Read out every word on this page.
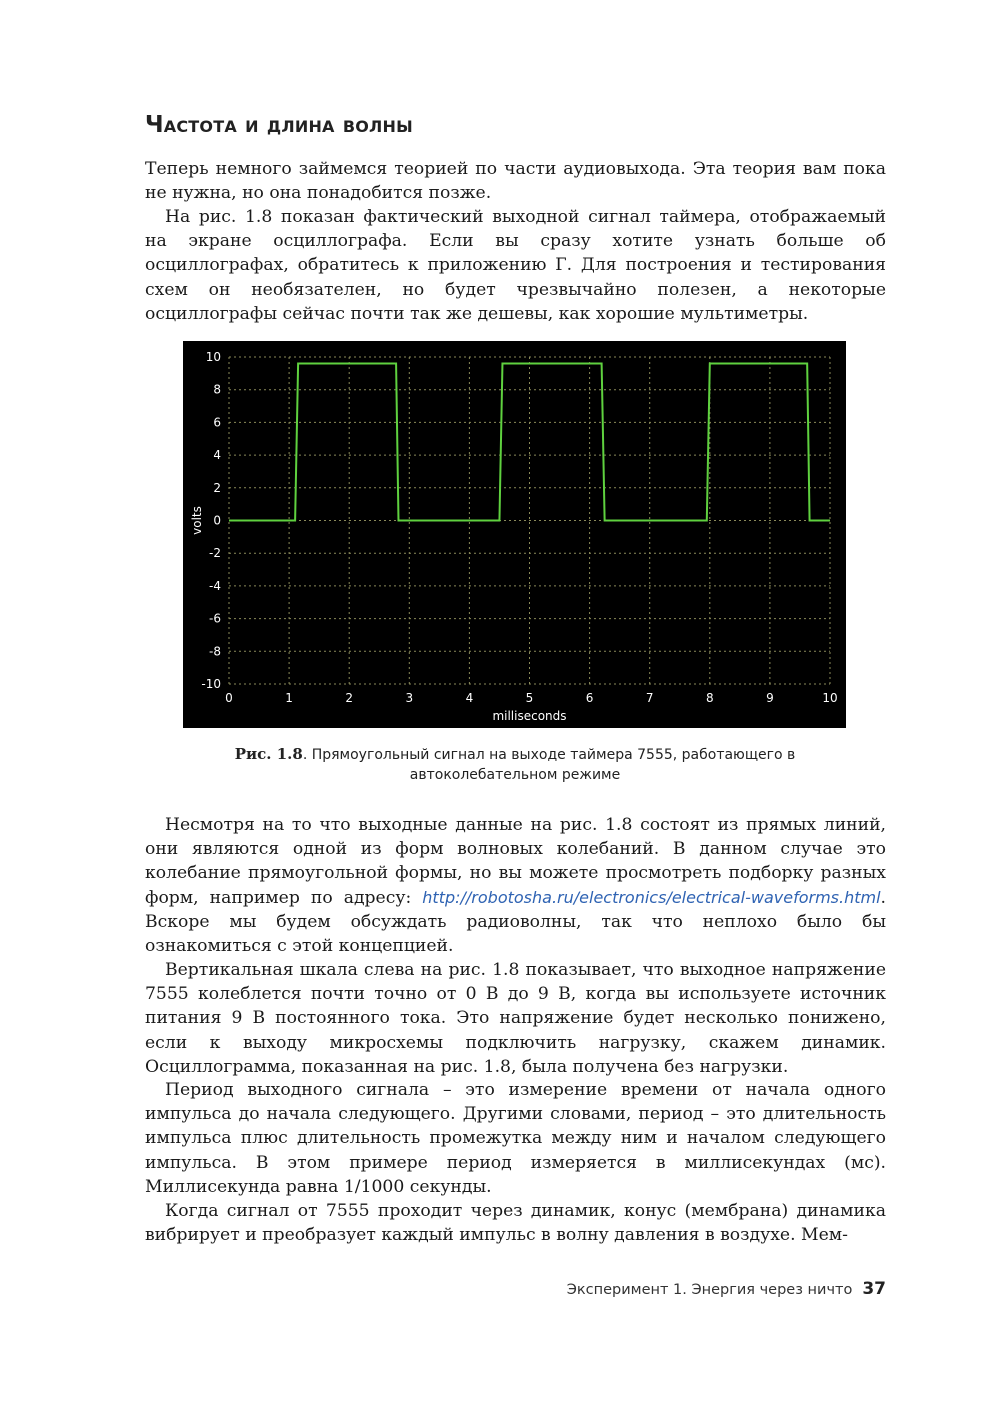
Частота и длина волны

Теперь немного займемся теорией по части аудиовыхода. Эта теория вам пока не нужна, но она понадобится позже.

На рис. 1.8 показан фактический выходной сигнал таймера, отображаемый на экране осциллографа. Если вы сразу хотите узнать больше об осциллографах, обратитесь к приложению Г. Для построения и тестирования схем он необязателен, но будет чрезвычайно полезен, а некоторые осциллографы сейчас почти так же дешевы, как хорошие мультиметры.

0	1	2	3	4	5	6	7	8	9	10
10
8
6
4
2
0
-2
-4
-6
-8
-10
milliseconds
volts

Рис. 1.8. Прямоугольный сигнал на выходе таймера 7555, работающего в автоколебательном режиме

Несмотря на то что выходные данные на рис. 1.8 состоят из прямых линий, они являются одной из форм волновых колебаний. В данном случае это колебание прямоугольной формы, но вы можете просмотреть подборку разных форм, например по адресу: http://robotosha.ru/electronics/electrical-waveforms.html. Вскоре мы будем обсуждать радиоволны, так что неплохо было бы ознакомиться с этой концепцией.

Вертикальная шкала слева на рис. 1.8 показывает, что выходное напряжение 7555 колеблется почти точно от 0 В до 9 В, когда вы используете источник питания 9 В постоянного тока. Это напряжение будет несколько понижено, если к выходу микросхемы подключить нагрузку, скажем динамик. Осциллограмма, показанная на рис. 1.8, была получена без нагрузки.

Период выходного сигнала – это измерение времени от начала одного импульса до начала следующего. Другими словами, период – это длительность импульса плюс длительность промежутка между ним и началом следующего импульса. В этом примере период измеряется в миллисекундах (мс). Миллисекунда равна 1/1000 секунды.

Когда сигнал от 7555 проходит через динамик, конус (мембрана) динамика вибрирует и преобразует каждый импульс в волну давления в воздухе. Мем-

Эксперимент 1. Энергия через ничто 37
